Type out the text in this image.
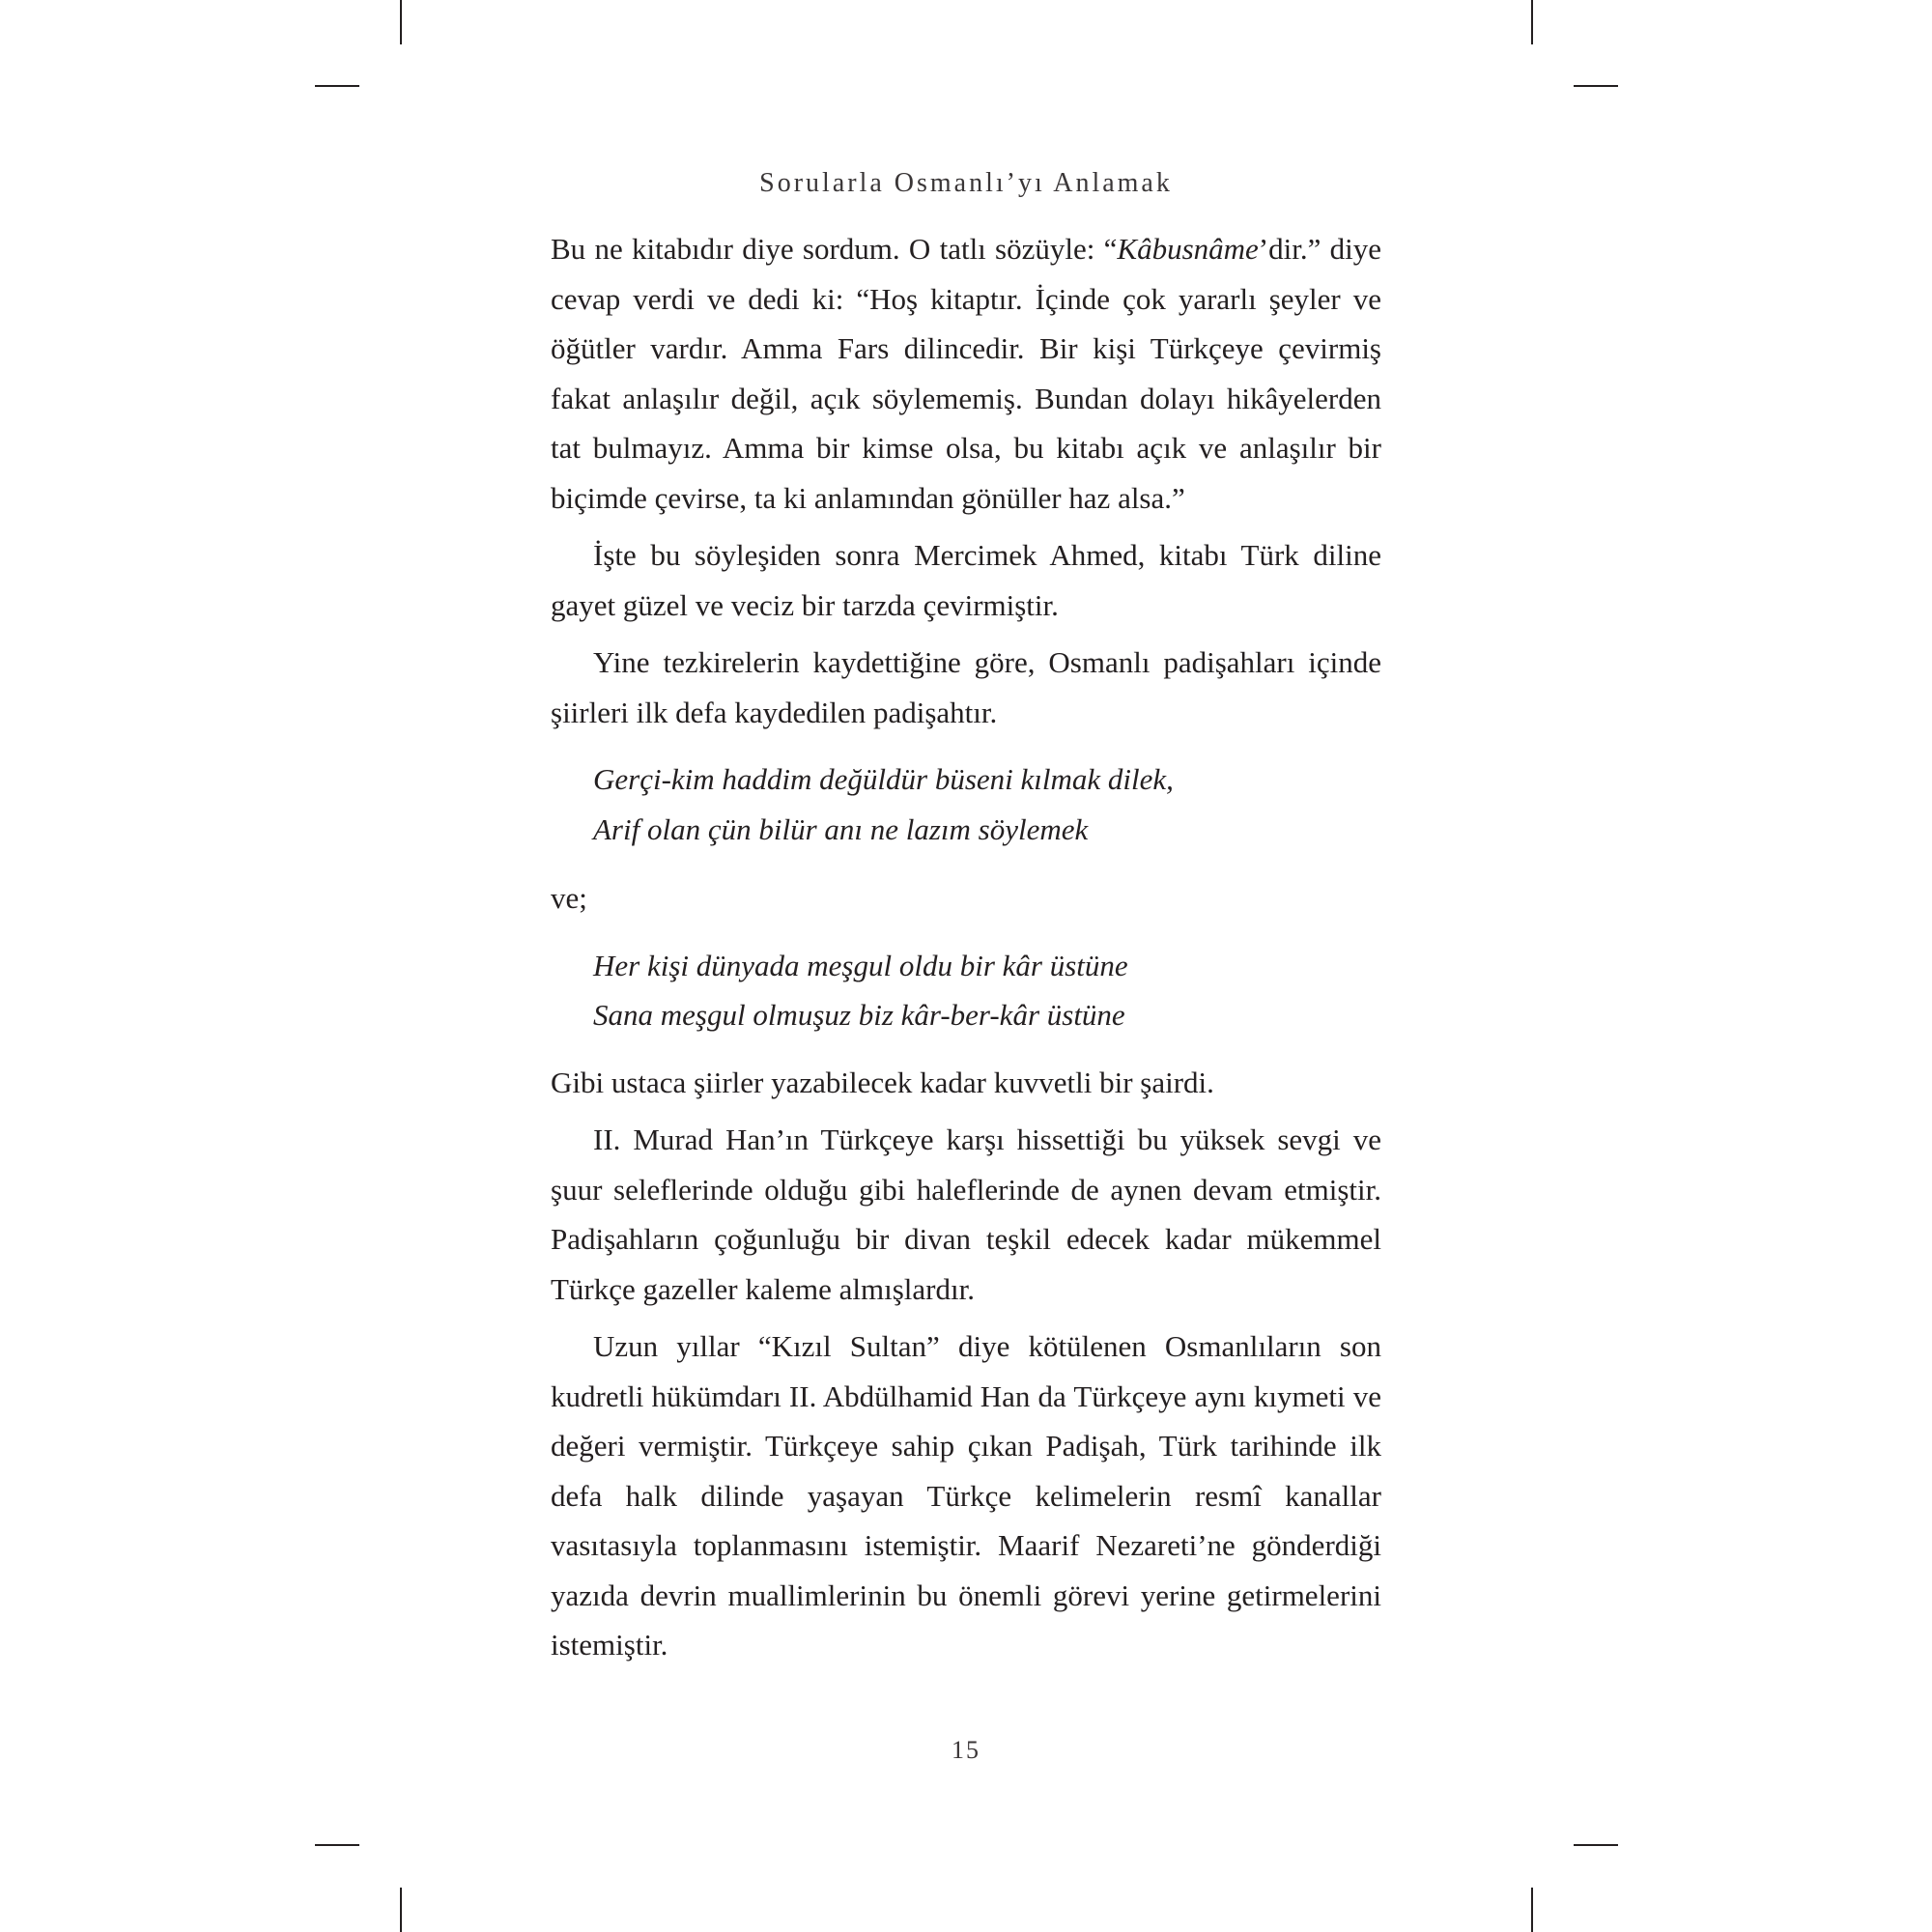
Sorularla Osmanlı’yı Anlamak

Bu ne kitabıdır diye sordum. O tatlı sözüyle: “Kâbusnâme’dir.” diye cevap verdi ve dedi ki: “Hoş kitaptır. İçinde çok yararlı şeyler ve öğütler vardır. Amma Fars dilincedir. Bir kişi Türkçeye çevirmiş fakat anlaşılır değil, açık söylememiş. Bundan dolayı hikâyelerden tat bulmayız. Amma bir kimse olsa, bu kitabı açık ve anlaşılır bir biçimde çevirse, ta ki anlamından gönüller haz alsa.”

İşte bu söyleşiden sonra Mercimek Ahmed, kitabı Türk diline gayet güzel ve veciz bir tarzda çevirmiştir.

Yine tezkirelerin kaydettiğine göre, Osmanlı padişahları içinde şiirleri ilk defa kaydedilen padişahtır.

Gerçi-kim haddim değüldür büseni kılmak dilek,

Arif olan çün bilür anı ne lazım söylemek

ve;

Her kişi dünyada meşgul oldu bir kâr üstüne

Sana meşgul olmuşuz biz kâr-ber-kâr üstüne

Gibi ustaca şiirler yazabilecek kadar kuvvetli bir şairdi.

II. Murad Han’ın Türkçeye karşı hissettiği bu yüksek sevgi ve şuur seleflerinde olduğu gibi haleflerinde de aynen devam etmiştir. Padişahların çoğunluğu bir divan teşkil edecek kadar mükemmel Türkçe gazeller kaleme almışlardır.

Uzun yıllar “Kızıl Sultan” diye kötülenen Osmanlıların son kudretli hükümdarı II. Abdülhamid Han da Türkçeye aynı kıymeti ve değeri vermiştir. Türkçeye sahip çıkan Padişah, Türk tarihinde ilk defa halk dilinde yaşayan Türkçe kelimelerin resmî kanallar vasıtasıyla toplanmasını istemiştir. Maarif Nezareti’ne gönderdiği yazıda devrin muallimlerinin bu önemli görevi yerine getirmelerini istemiştir.

15
